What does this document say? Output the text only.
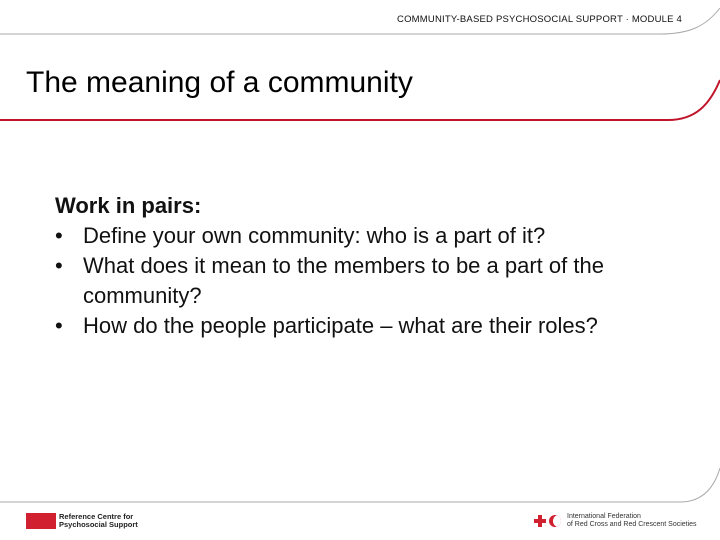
COMMUNITY-BASED PSYCHOSOCIAL SUPPORT · MODULE 4
The meaning of a community
Work in pairs:
• Define your own community: who is a part of it?
• What does it mean to the members to be a part of the community?
• How do the people participate – what are their roles?
Reference Centre for
Psychosocial Support
International Federation
of Red Cross and Red Crescent Societies
